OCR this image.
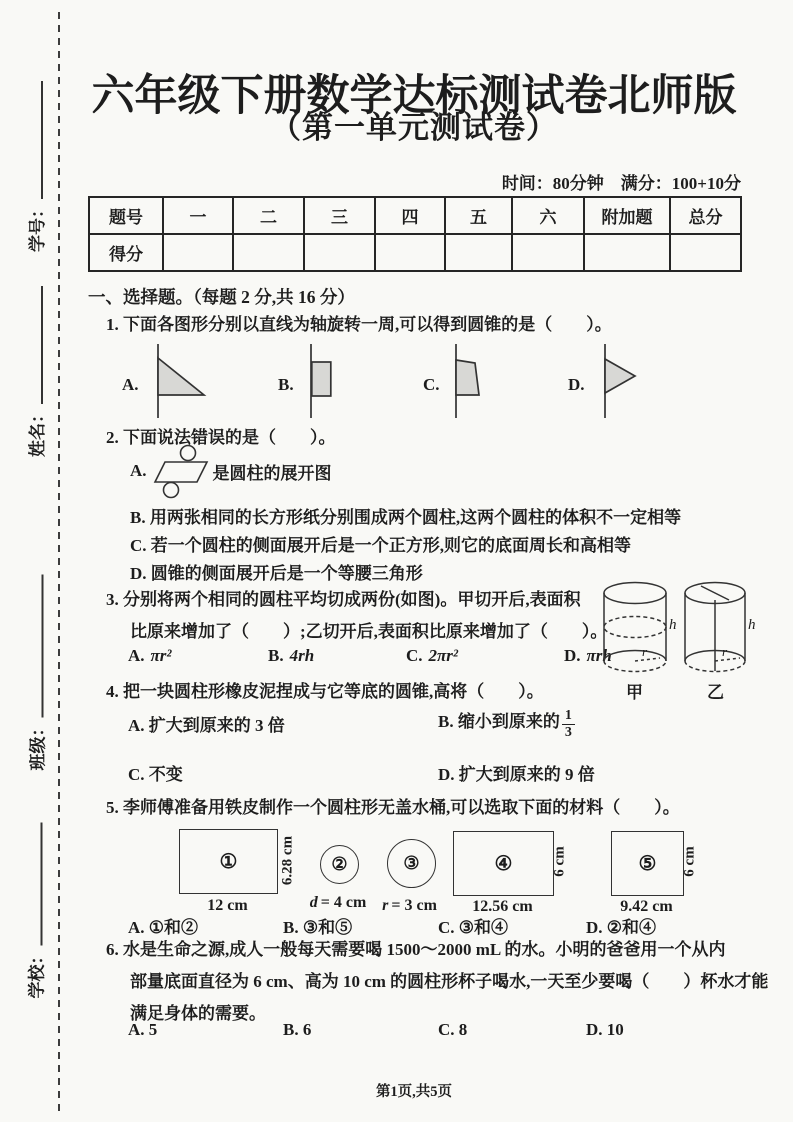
学号：
姓名：
班级：
学校：
六年级下册数学达标测试卷北师版
（第一单元测试卷）
时间：80分钟　满分：100+10分
题号	一	二	三	四	五	六	附加题	总分
得分								
一、选择题。（每题 2 分,共 16 分）
1. 下面各图形分别以直线为轴旋转一周,可以得到圆锥的是（　　）。
A.	B.	C.	D.
2. 下面说法错误的是（　　）。
A.	是圆柱的展开图
B. 用两张相同的长方形纸分别围成两个圆柱,这两个圆柱的体积不一定相等
C. 若一个圆柱的侧面展开后是一个正方形,则它的底面周长和高相等
D. 圆锥的侧面展开后是一个等腰三角形
3. 分别将两个相同的圆柱平均切成两份(如图)。甲切开后,表面积
比原来增加了（　　）;乙切开后,表面积比原来增加了（　　）。
A. πr²	B. 4rh	C. 2πr²	D. πrh
h
r
h
r
甲	乙
4. 把一块圆柱形橡皮泥捏成与它等底的圆锥,高将（　　）。
A. 扩大到原来的 3 倍	B. 缩小到原来的 $\frac{1}{3}$
C. 不变	D. 扩大到原来的 9 倍
5. 李师傅准备用铁皮制作一个圆柱形无盖水桶,可以选取下面的材料（　　）。
①	6.28 cm
12 cm
②
d = 4 cm
③
r = 3 cm
④	6 cm
12.56 cm
⑤ 6 cm
9.42 cm
A. ①和②	B. ③和⑤	C. ③和④	D. ②和④
6. 水是生命之源,成人一般每天需要喝 1500～2000 mL 的水。小明的爸爸用一个从内
部量底面直径为 6 cm、高为 10 cm 的圆柱形杯子喝水,一天至少要喝（　　）杯水才能
满足身体的需要。
A. 5	B. 6	C. 8	D. 10
第1页,共5页
